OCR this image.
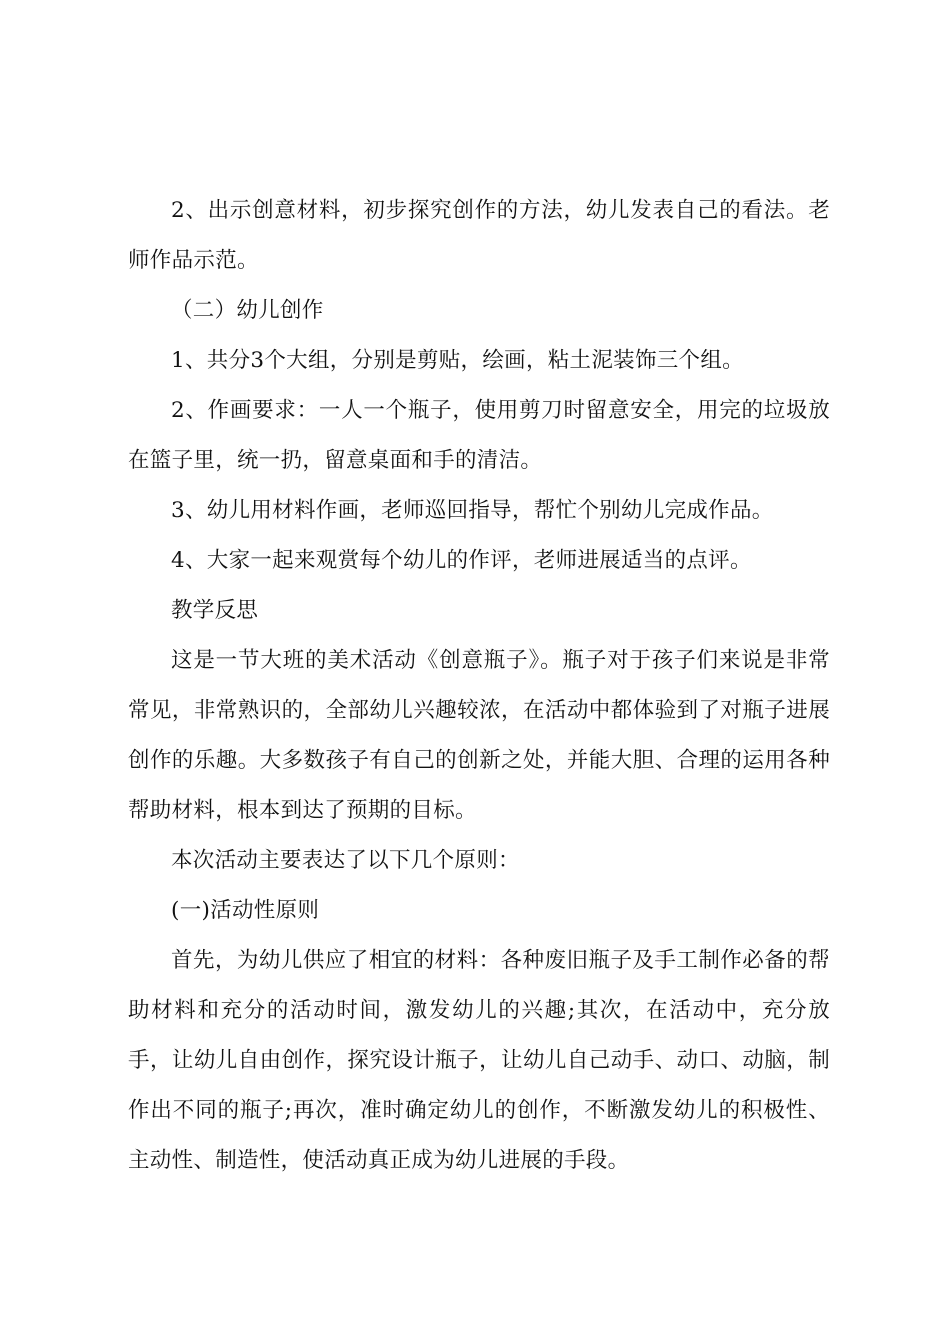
2、出示创意材料，初步探究创作的方法，幼儿发表自己的看法。老师作品示范。

（二）幼儿创作

1、共分3个大组，分别是剪贴，绘画，粘土泥装饰三个组。

2、作画要求：一人一个瓶子，使用剪刀时留意安全，用完的垃圾放在篮子里，统一扔，留意桌面和手的清洁。

3、幼儿用材料作画，老师巡回指导，帮忙个别幼儿完成作品。

4、大家一起来观赏每个幼儿的作评，老师进展适当的点评。

教学反思

这是一节大班的美术活动《创意瓶子》。瓶子对于孩子们来说是非常常见，非常熟识的，全部幼儿兴趣较浓，在活动中都体验到了对瓶子进展创作的乐趣。大多数孩子有自己的创新之处，并能大胆、合理的运用各种帮助材料，根本到达了预期的目标。

本次活动主要表达了以下几个原则：

(一)活动性原则

首先，为幼儿供应了相宜的材料：各种废旧瓶子及手工制作必备的帮助材料和充分的活动时间，激发幼儿的兴趣;其次，在活动中，充分放手，让幼儿自由创作，探究设计瓶子，让幼儿自己动手、动口、动脑，制作出不同的瓶子;再次，准时确定幼儿的创作，不断激发幼儿的积极性、主动性、制造性，使活动真正成为幼儿进展的手段。
